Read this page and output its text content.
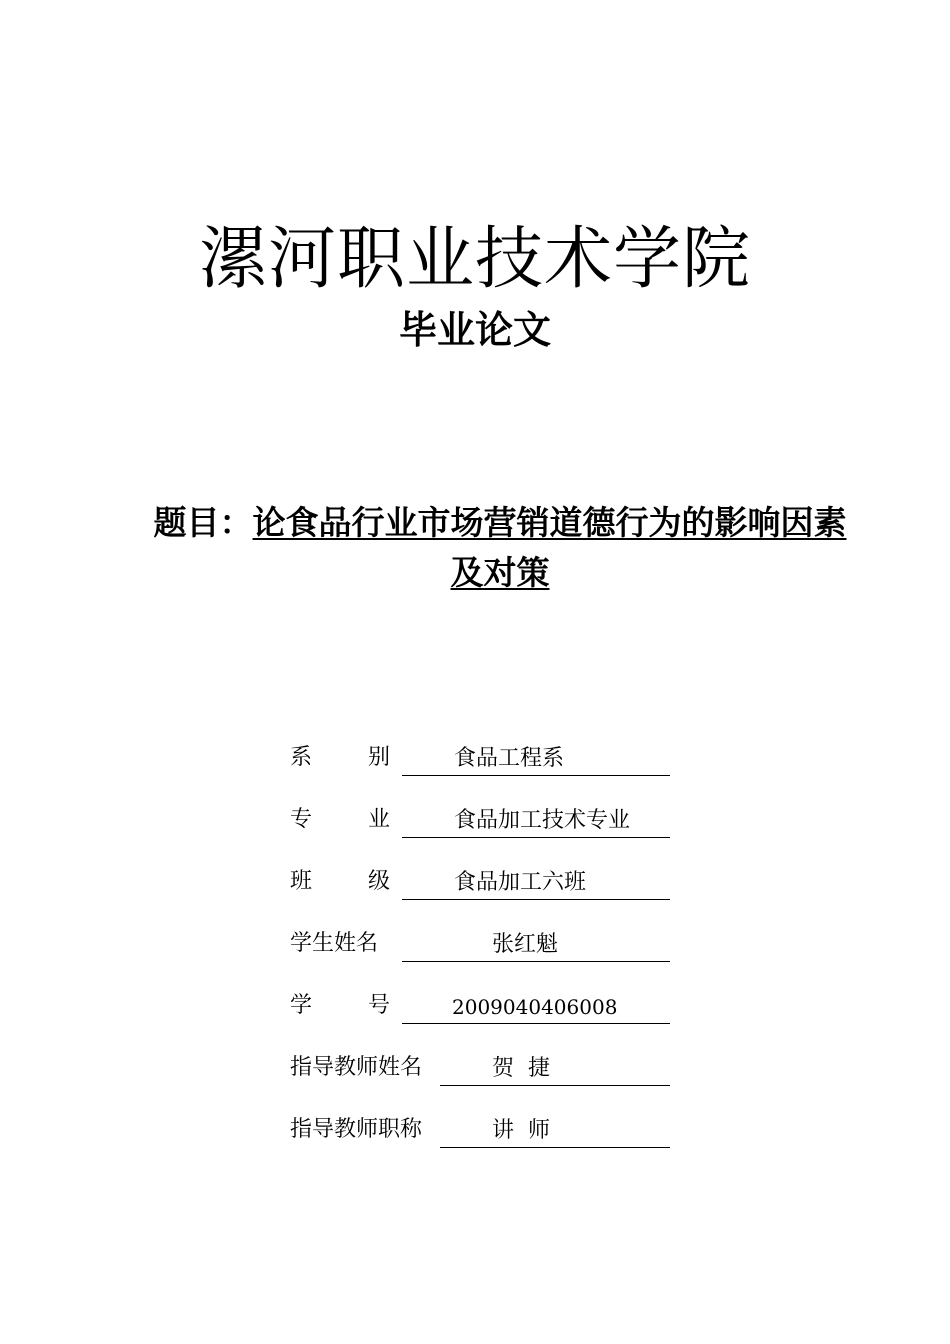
漯河职业技术学院
毕业论文

题目：论食品行业市场营销道德行为的影响因素及对策

系	别	食品工程系
专	业	食品加工技术专业
班	级	食品加工六班
学生姓名	张红魁
学	号	2009040406008
指导教师姓名	贺  捷
指导教师职称	讲  师
